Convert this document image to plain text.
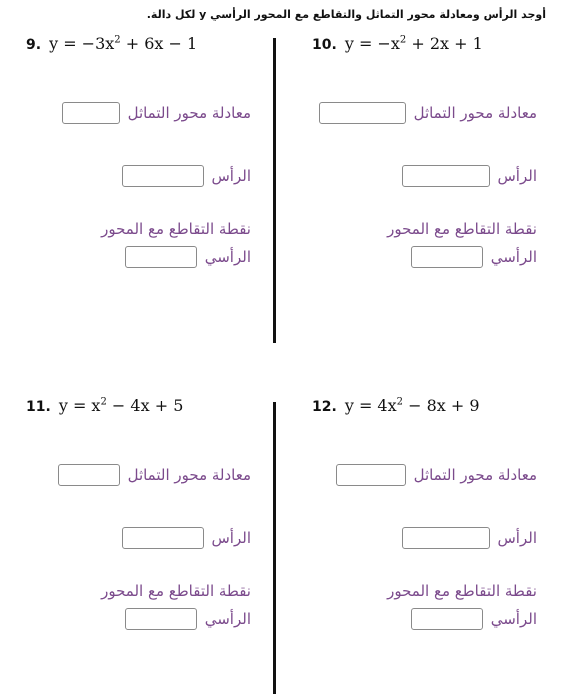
أوجد الرأس ومعادلة محور التماثل والتقاطع مع المحور الرأسي y لكل دالة.
9. $y = -3x^2 + 6x - 1$
معادلة محور التماثل
الرأس
نقطة التقاطع مع المحور
الرأسي
10. $y = -x^2 + 2x + 1$
معادلة محور التماثل
الرأس
نقطة التقاطع مع المحور
الرأسي
11. $y = x^2 - 4x + 5$
معادلة محور التماثل
الرأس
نقطة التقاطع مع المحور
الرأسي
12. $y = 4x^2 - 8x + 9$
معادلة محور التماثل
الرأس
نقطة التقاطع مع المحور
الرأسي
